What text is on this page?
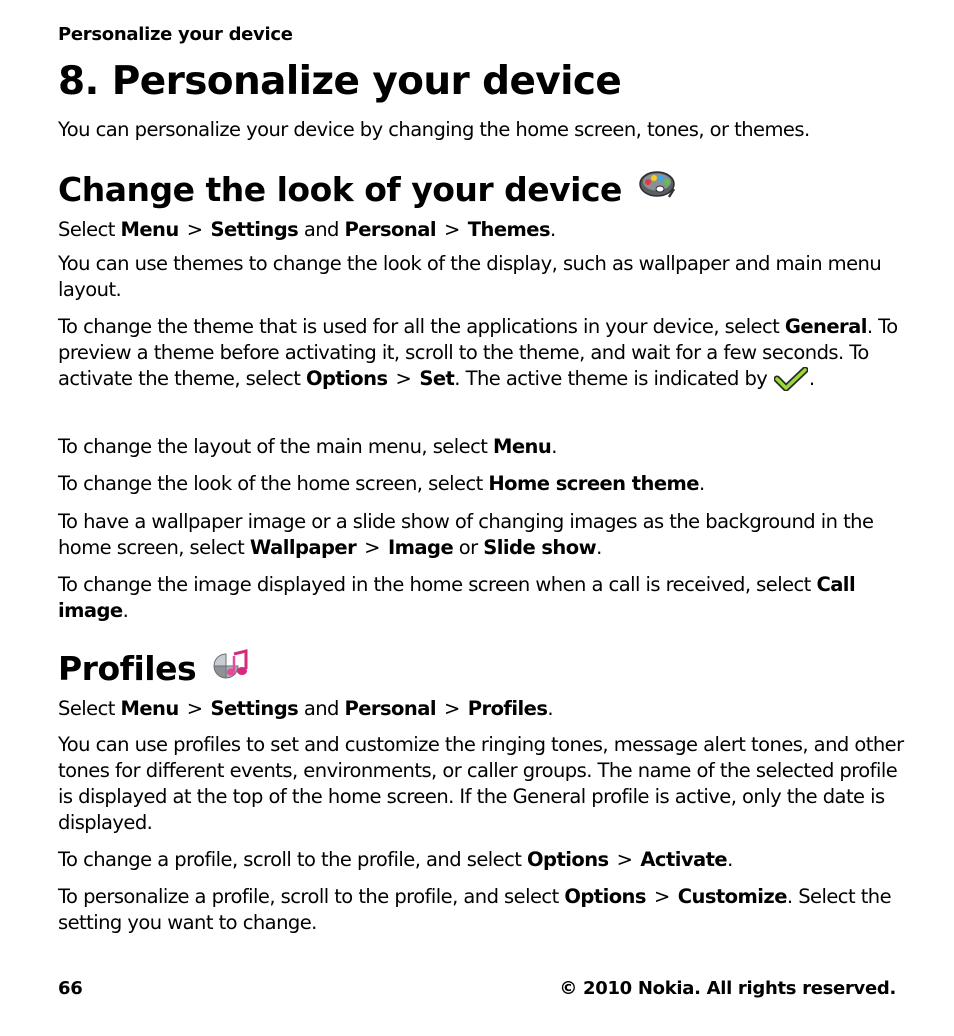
Personalize your device
8. Personalize your device

You can personalize your device by changing the home screen, tones, or themes.

Change the look of your device

Select Menu > Settings and Personal > Themes.

You can use themes to change the look of the display, such as wallpaper and main menu layout.

To change the theme that is used for all the applications in your device, select General. To preview a theme before activating it, scroll to the theme, and wait for a few seconds. To activate the theme, select Options > Set. The active theme is indicated by .

To change the layout of the main menu, select Menu.

To change the look of the home screen, select Home screen theme.

To have a wallpaper image or a slide show of changing images as the background in the home screen, select Wallpaper > Image or Slide show.

To change the image displayed in the home screen when a call is received, select Call image.

Profiles

Select Menu > Settings and Personal > Profiles.

You can use profiles to set and customize the ringing tones, message alert tones, and other tones for different events, environments, or caller groups. The name of the selected profile is displayed at the top of the home screen. If the General profile is active, only the date is displayed.

To change a profile, scroll to the profile, and select Options > Activate.

To personalize a profile, scroll to the profile, and select Options > Customize. Select the setting you want to change.

66	© 2010 Nokia. All rights reserved.
